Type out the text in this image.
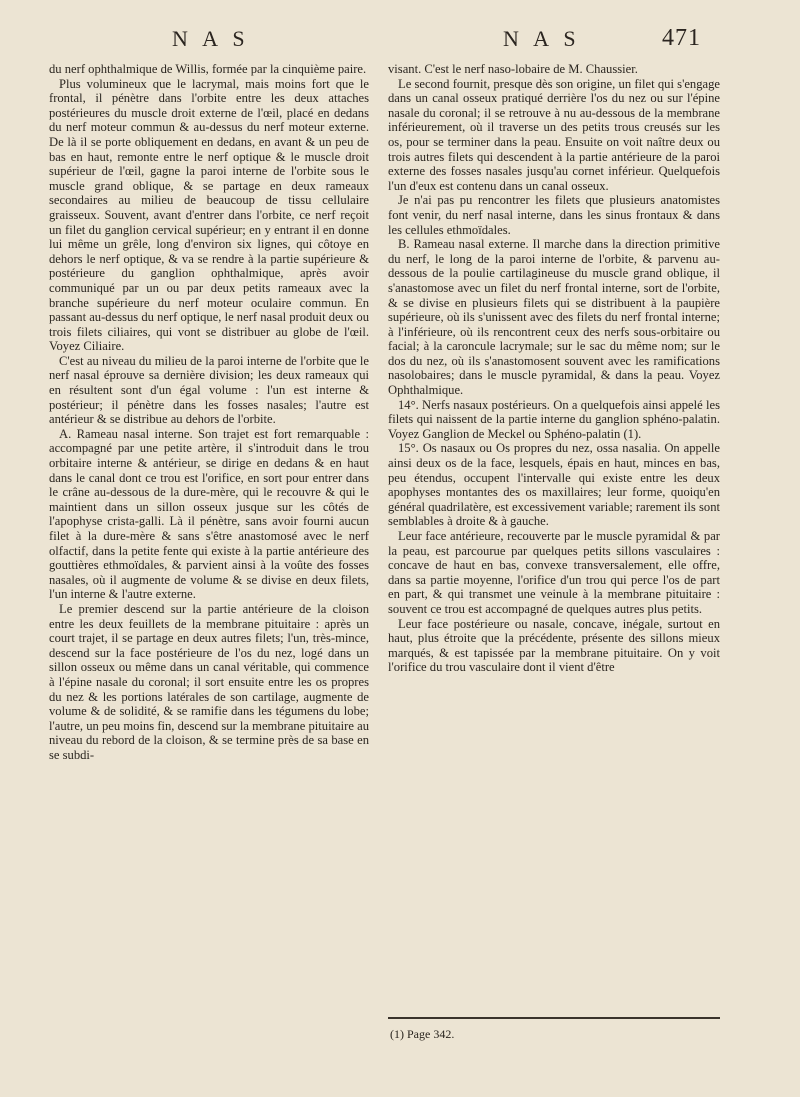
N A S	N A S	471

du nerf ophthalmique de Willis, formée par la cinquième paire.

Plus volumineux que le lacrymal, mais moins fort que le frontal, il pénètre dans l'orbite entre les deux attaches postérieures du muscle droit externe de l'œil, placé en dedans du nerf moteur commun & au-dessus du nerf moteur externe. De là il se porte obliquement en dedans, en avant & un peu de bas en haut, remonte entre le nerf optique & le muscle droit supérieur de l'œil, gagne la paroi interne de l'orbite sous le muscle grand oblique, & se partage en deux rameaux secondaires au milieu de beaucoup de tissu cellulaire graisseux. Souvent, avant d'entrer dans l'orbite, ce nerf reçoit un filet du ganglion cervical supérieur; en y entrant il en donne lui même un grêle, long d'environ six lignes, qui côtoye en dehors le nerf optique, & va se rendre à la partie supérieure & postérieure du ganglion ophthalmique, après avoir communiqué par un ou par deux petits rameaux avec la branche supérieure du nerf moteur oculaire commun. En passant au-dessus du nerf optique, le nerf nasal produit deux ou trois filets ciliaires, qui vont se distribuer au globe de l'œil. Voyez Ciliaire.

C'est au niveau du milieu de la paroi interne de l'orbite que le nerf nasal éprouve sa dernière division; les deux rameaux qui en résultent sont d'un égal volume : l'un est interne & postérieur; il pénètre dans les fosses nasales; l'autre est antérieur & se distribue au dehors de l'orbite.

A. Rameau nasal interne. Son trajet est fort remarquable : accompagné par une petite artère, il s'introduit dans le trou orbitaire interne & antérieur, se dirige en dedans & en haut dans le canal dont ce trou est l'orifice, en sort pour entrer dans le crâne au-dessous de la dure-mère, qui le recouvre & qui le maintient dans un sillon osseux jusque sur les côtés de l'apophyse crista-galli. Là il pénètre, sans avoir fourni aucun filet à la dure-mère & sans s'être anastomosé avec le nerf olfactif, dans la petite fente qui existe à la partie antérieure des gouttières ethmoïdales, & parvient ainsi à la voûte des fosses nasales, où il augmente de volume & se divise en deux filets, l'un interne & l'autre externe.

Le premier descend sur la partie antérieure de la cloison entre les deux feuillets de la membrane pituitaire : après un court trajet, il se partage en deux autres filets; l'un, très-mince, descend sur la face postérieure de l'os du nez, logé dans un sillon osseux ou même dans un canal véritable, qui commence à l'épine nasale du coronal; il sort ensuite entre les os propres du nez & les portions latérales de son cartilage, augmente de volume & de solidité, & se ramifie dans les tégumens du lobe; l'autre, un peu moins fin, descend sur la membrane pituitaire au niveau du rebord de la cloison, & se termine près de sa base en se subdi-

visant. C'est le nerf naso-lobaire de M. Chaussier.

Le second fournit, presque dès son origine, un filet qui s'engage dans un canal osseux pratiqué derrière l'os du nez ou sur l'épine nasale du coronal; il se retrouve à nu au-dessous de la membrane inférieurement, où il traverse un des petits trous creusés sur les os, pour se terminer dans la peau. Ensuite on voit naître deux ou trois autres filets qui descendent à la partie antérieure de la paroi externe des fosses nasales jusqu'au cornet inférieur. Quelquefois l'un d'eux est contenu dans un canal osseux.

Je n'ai pas pu rencontrer les filets que plusieurs anatomistes font venir, du nerf nasal interne, dans les sinus frontaux & dans les cellules ethmoïdales.

B. Rameau nasal externe. Il marche dans la direction primitive du nerf, le long de la paroi interne de l'orbite, & parvenu au-dessous de la poulie cartilagineuse du muscle grand oblique, il s'anastomose avec un filet du nerf frontal interne, sort de l'orbite, & se divise en plusieurs filets qui se distribuent à la paupière supérieure, où ils s'unissent avec des filets du nerf frontal interne; à l'inférieure, où ils rencontrent ceux des nerfs sous-orbitaire ou facial; à la caroncule lacrymale; sur le sac du même nom; sur le dos du nez, où ils s'anastomosent souvent avec les ramifications nasolobaires; dans le muscle pyramidal, & dans la peau. Voyez Ophthalmique.

14°. Nerfs nasaux postérieurs. On a quelquefois ainsi appelé les filets qui naissent de la partie interne du ganglion sphéno-palatin. Voyez Ganglion de Meckel ou Sphéno-palatin (1).

15°. Os nasaux ou Os propres du nez, ossa nasalia. On appelle ainsi deux os de la face, lesquels, épais en haut, minces en bas, peu étendus, occupent l'intervalle qui existe entre les deux apophyses montantes des os maxillaires; leur forme, quoiqu'en général quadrilatère, est excessivement variable; rarement ils sont semblables à droite & à gauche.

Leur face antérieure, recouverte par le muscle pyramidal & par la peau, est parcourue par quelques petits sillons vasculaires : concave de haut en bas, convexe transversalement, elle offre, dans sa partie moyenne, l'orifice d'un trou qui perce l'os de part en part, & qui transmet une veinule à la membrane pituitaire : souvent ce trou est accompagné de quelques autres plus petits.

Leur face postérieure ou nasale, concave, inégale, surtout en haut, plus étroite que la précédente, présente des sillons mieux marqués, & est tapissée par la membrane pituitaire. On y voit l'orifice du trou vasculaire dont il vient d'être

(1) Page 342.
